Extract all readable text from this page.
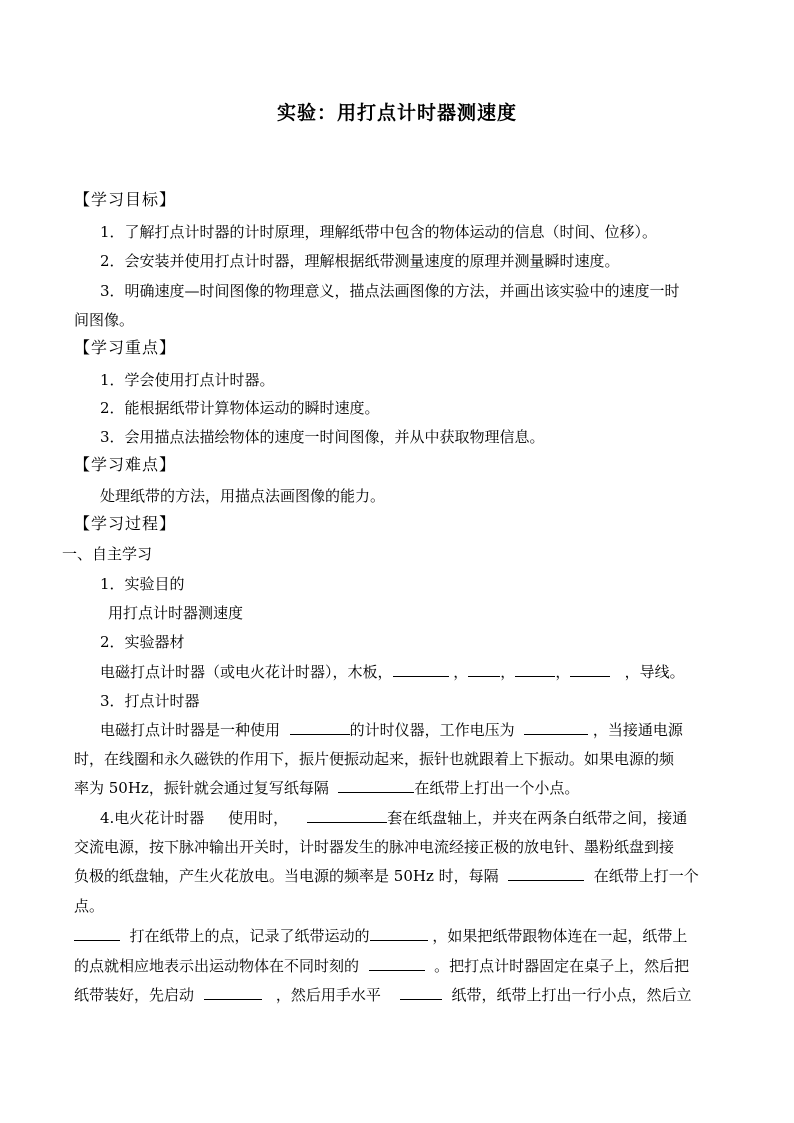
实验：用打点计时器测速度
【学习目标】
1．了解打点计时器的计时原理，理解纸带中包含的物体运动的信息（时间、位移）。
2．会安装并使用打点计时器，理解根据纸带测量速度的原理并测量瞬时速度。
3．明确速度—时间图像的物理意义，描点法画图像的方法，并画出该实验中的速度一时
间图像。
【学习重点】
1．学会使用打点计时器。
2．能根据纸带计算物体运动的瞬时速度。
3．会用描点法描绘物体的速度一时间图像，并从中获取物理信息。
【学习难点】
处理纸带的方法，用描点法画图像的能力。
【学习过程】
一、自主学习
1．实验目的
用打点计时器测速度
2．实验器材
电磁打点计时器（或电火花计时器），木板，	， ，	，	，导线。
3．打点计时器
电磁打点计时器是一种使用	的计时仪器，工作电压为	，当接通电源
时，在线圈和永久磁铁的作用下，振片便振动起来，振针也就跟着上下振动。如果电源的频
率为 50Hz，振针就会通过复写纸每隔	在纸带上打出一个小点。
4.电火花计时器 使用时，	套在纸盘轴上，并夹在两条白纸带之间，接通
交流电源，按下脉冲输出开关时，计时器发生的脉冲电流经接正极的放电针、墨粉纸盘到接
负极的纸盘轴，产生火花放电。当电源的频率是 50Hz 时，每隔	在纸带上打一个
点。
打在纸带上的点，记录了纸带运动的	，如果把纸带跟物体连在一起，纸带上
的点就相应地表示出运动物体在不同时刻的	。把打点计时器固定在桌子上，然后把
纸带装好，先启动	，然后用手水平	纸带，纸带上打出一行小点，然后立
